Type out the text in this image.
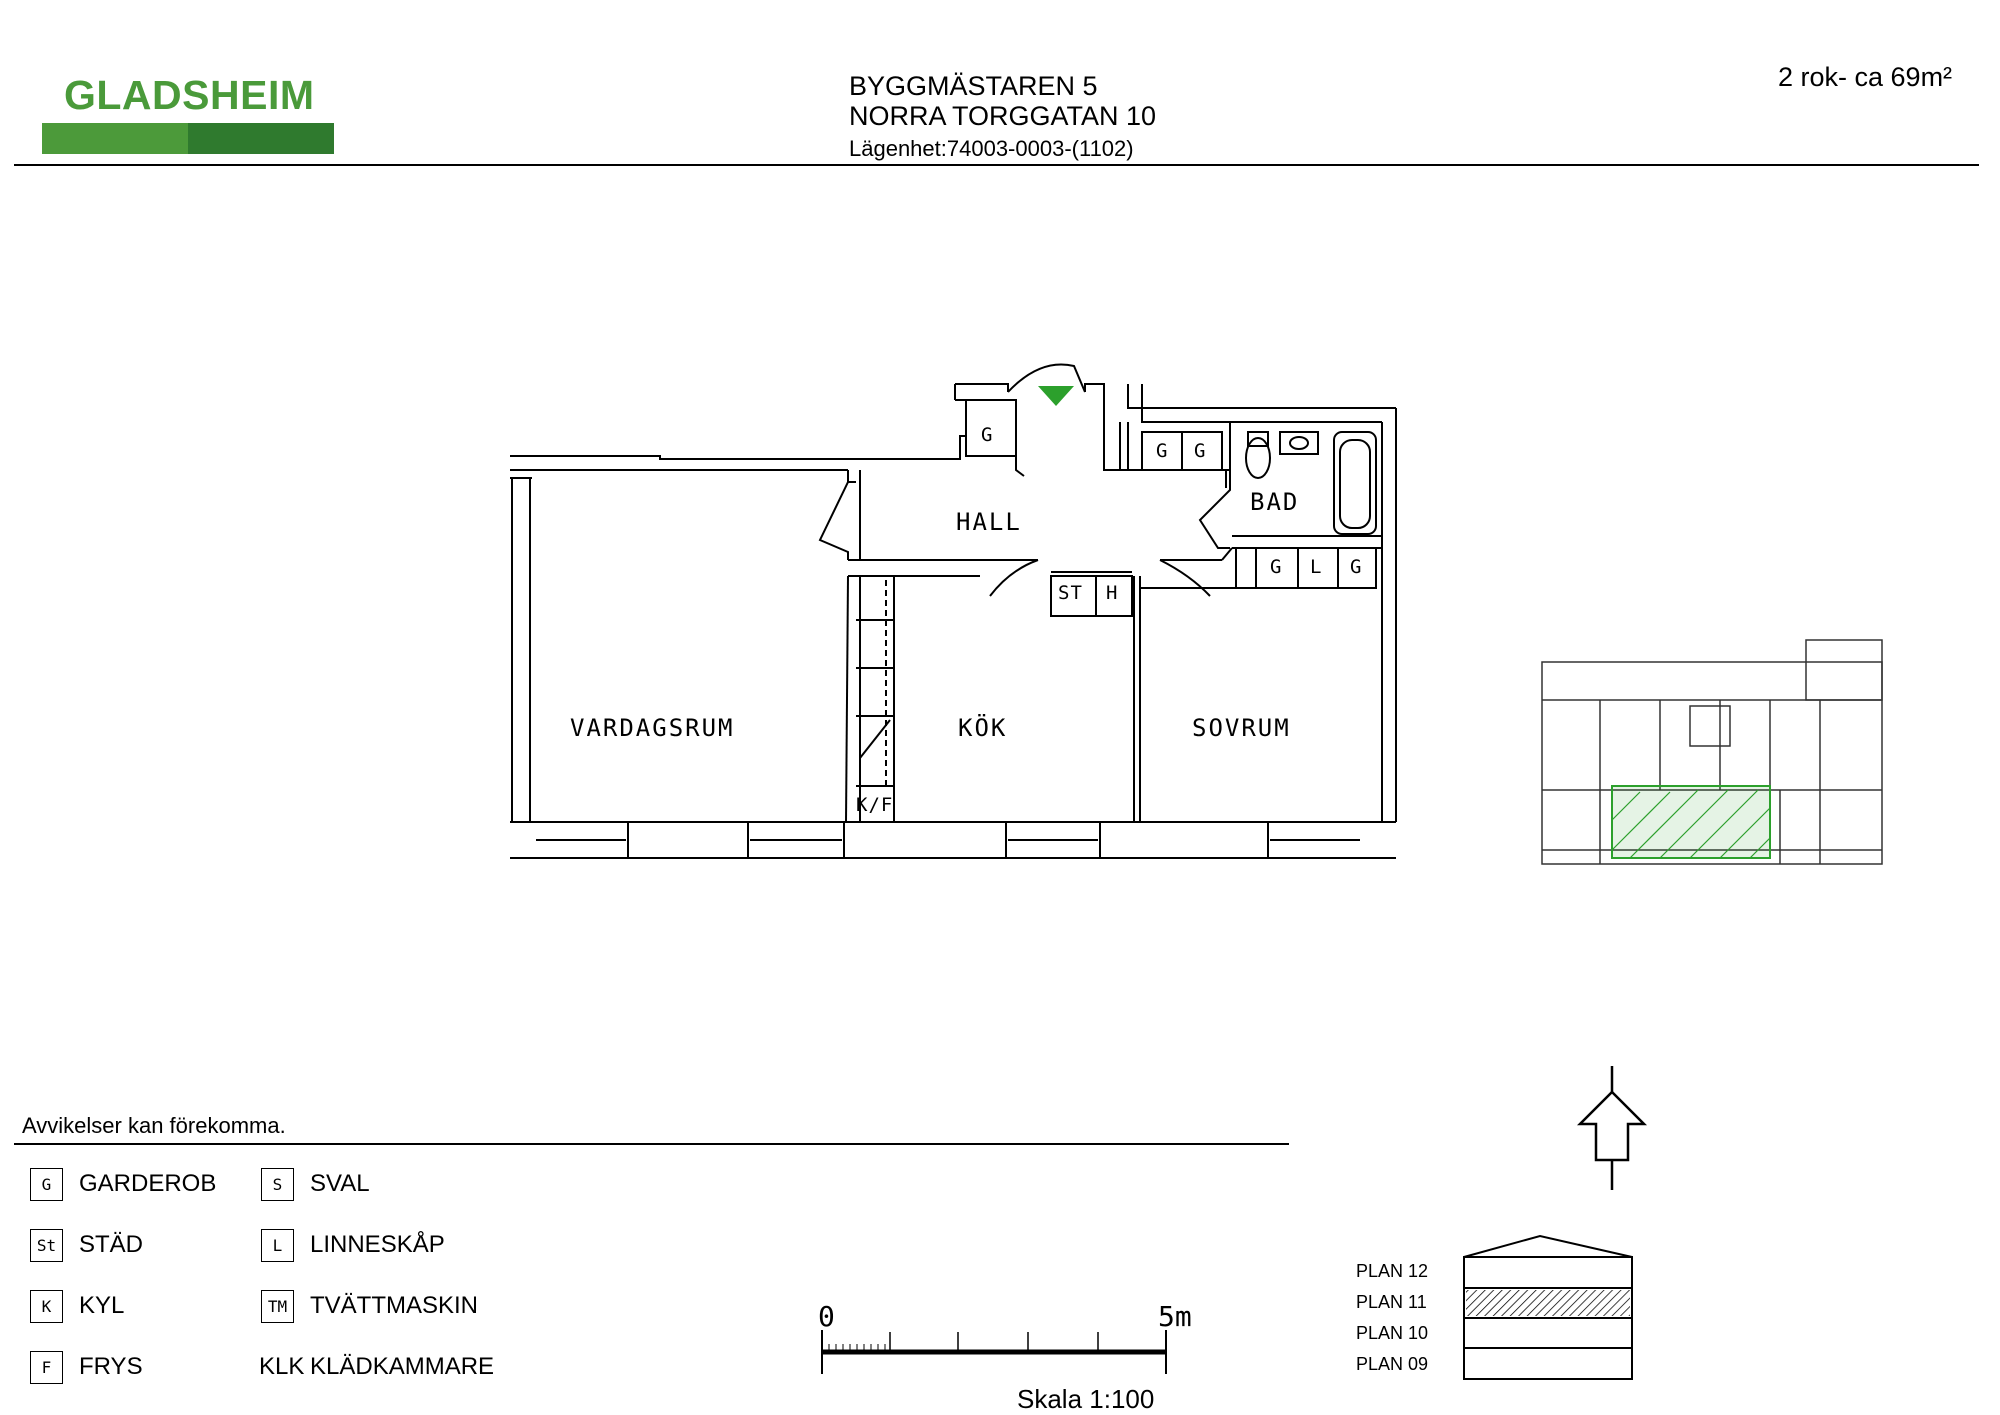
GLADSHEIM	BYGGMÄSTAREN 5
NORRA TORGGATAN 10
Lägenhet:74003-0003-(1102)
2 rok- ca 69m²
HALL
BAD
VARDAGSRUM	KÖK	SOVRUM
G
G G
ST H
G L G
K/F
Avvikelser kan förekomma.
G	GARDEROB
St STÄD
K	KYL
F	FRYS
S	SVAL
L	LINNESKÅP
TM TVÄTTMASKIN
KLK KLÄDKAMMARE
0	5m
Skala 1:100
PLAN 12
PLAN 11
PLAN 10
PLAN 09
